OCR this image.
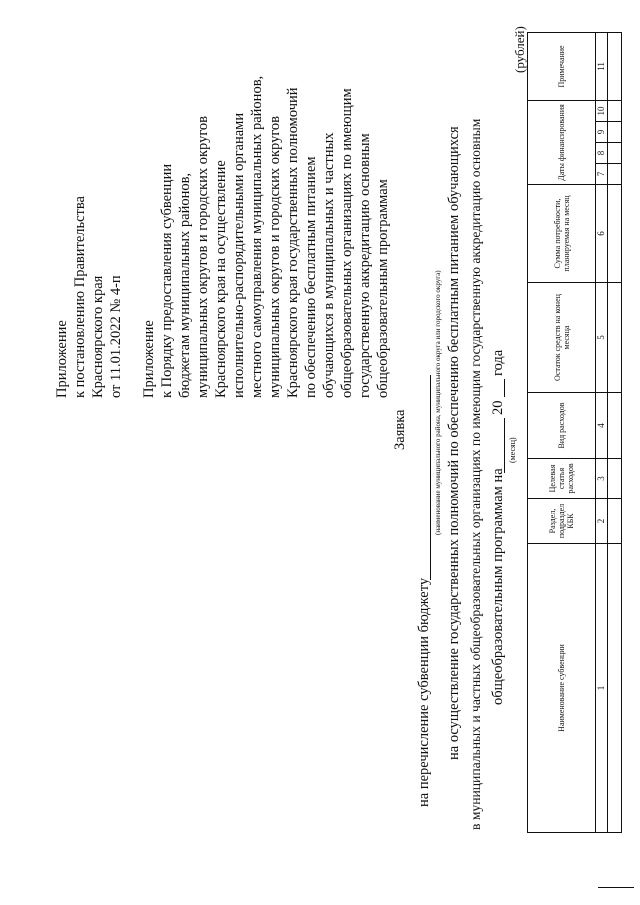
Приложение к постановлению Правительства Красноярского края от 11.01.2022 № 4-п Приложение к Порядку предоставления субвенции бюджетам муниципальных районов, муниципальных округов и городских округов Красноярского края на осуществление исполнительно-распорядительными органами местного самоуправления муниципальных районов, муниципальных округов и городских округов Красноярского края государственных полномочий по обеспечению бесплатным питанием обучающихся в муниципальных и частных общеобразовательных организациях по имеющим государственную аккредитацию основным общеобразовательным программам
Заявка
на перечисление субвенции бюджету
(наименование муниципального района, муниципального округа или городского округа) на осуществление государственных полномочий по обеспечению бесплатным питанием обучающихся в муниципальных и частных общеобразовательных организациях по имеющим государственную аккредитацию основным общеобразовательным программам на
20
года
(месяц)
(рублей)
Наименование субвенции	Раздел, подраздел КБК	Целевая статья расходов	Вид расходов	Остаток средств на конец месяца	Сумма потребности, планируемая на месяц	Даты финансирования				Примечание
1	2	3	4	5	6	7	8	9	10	11
